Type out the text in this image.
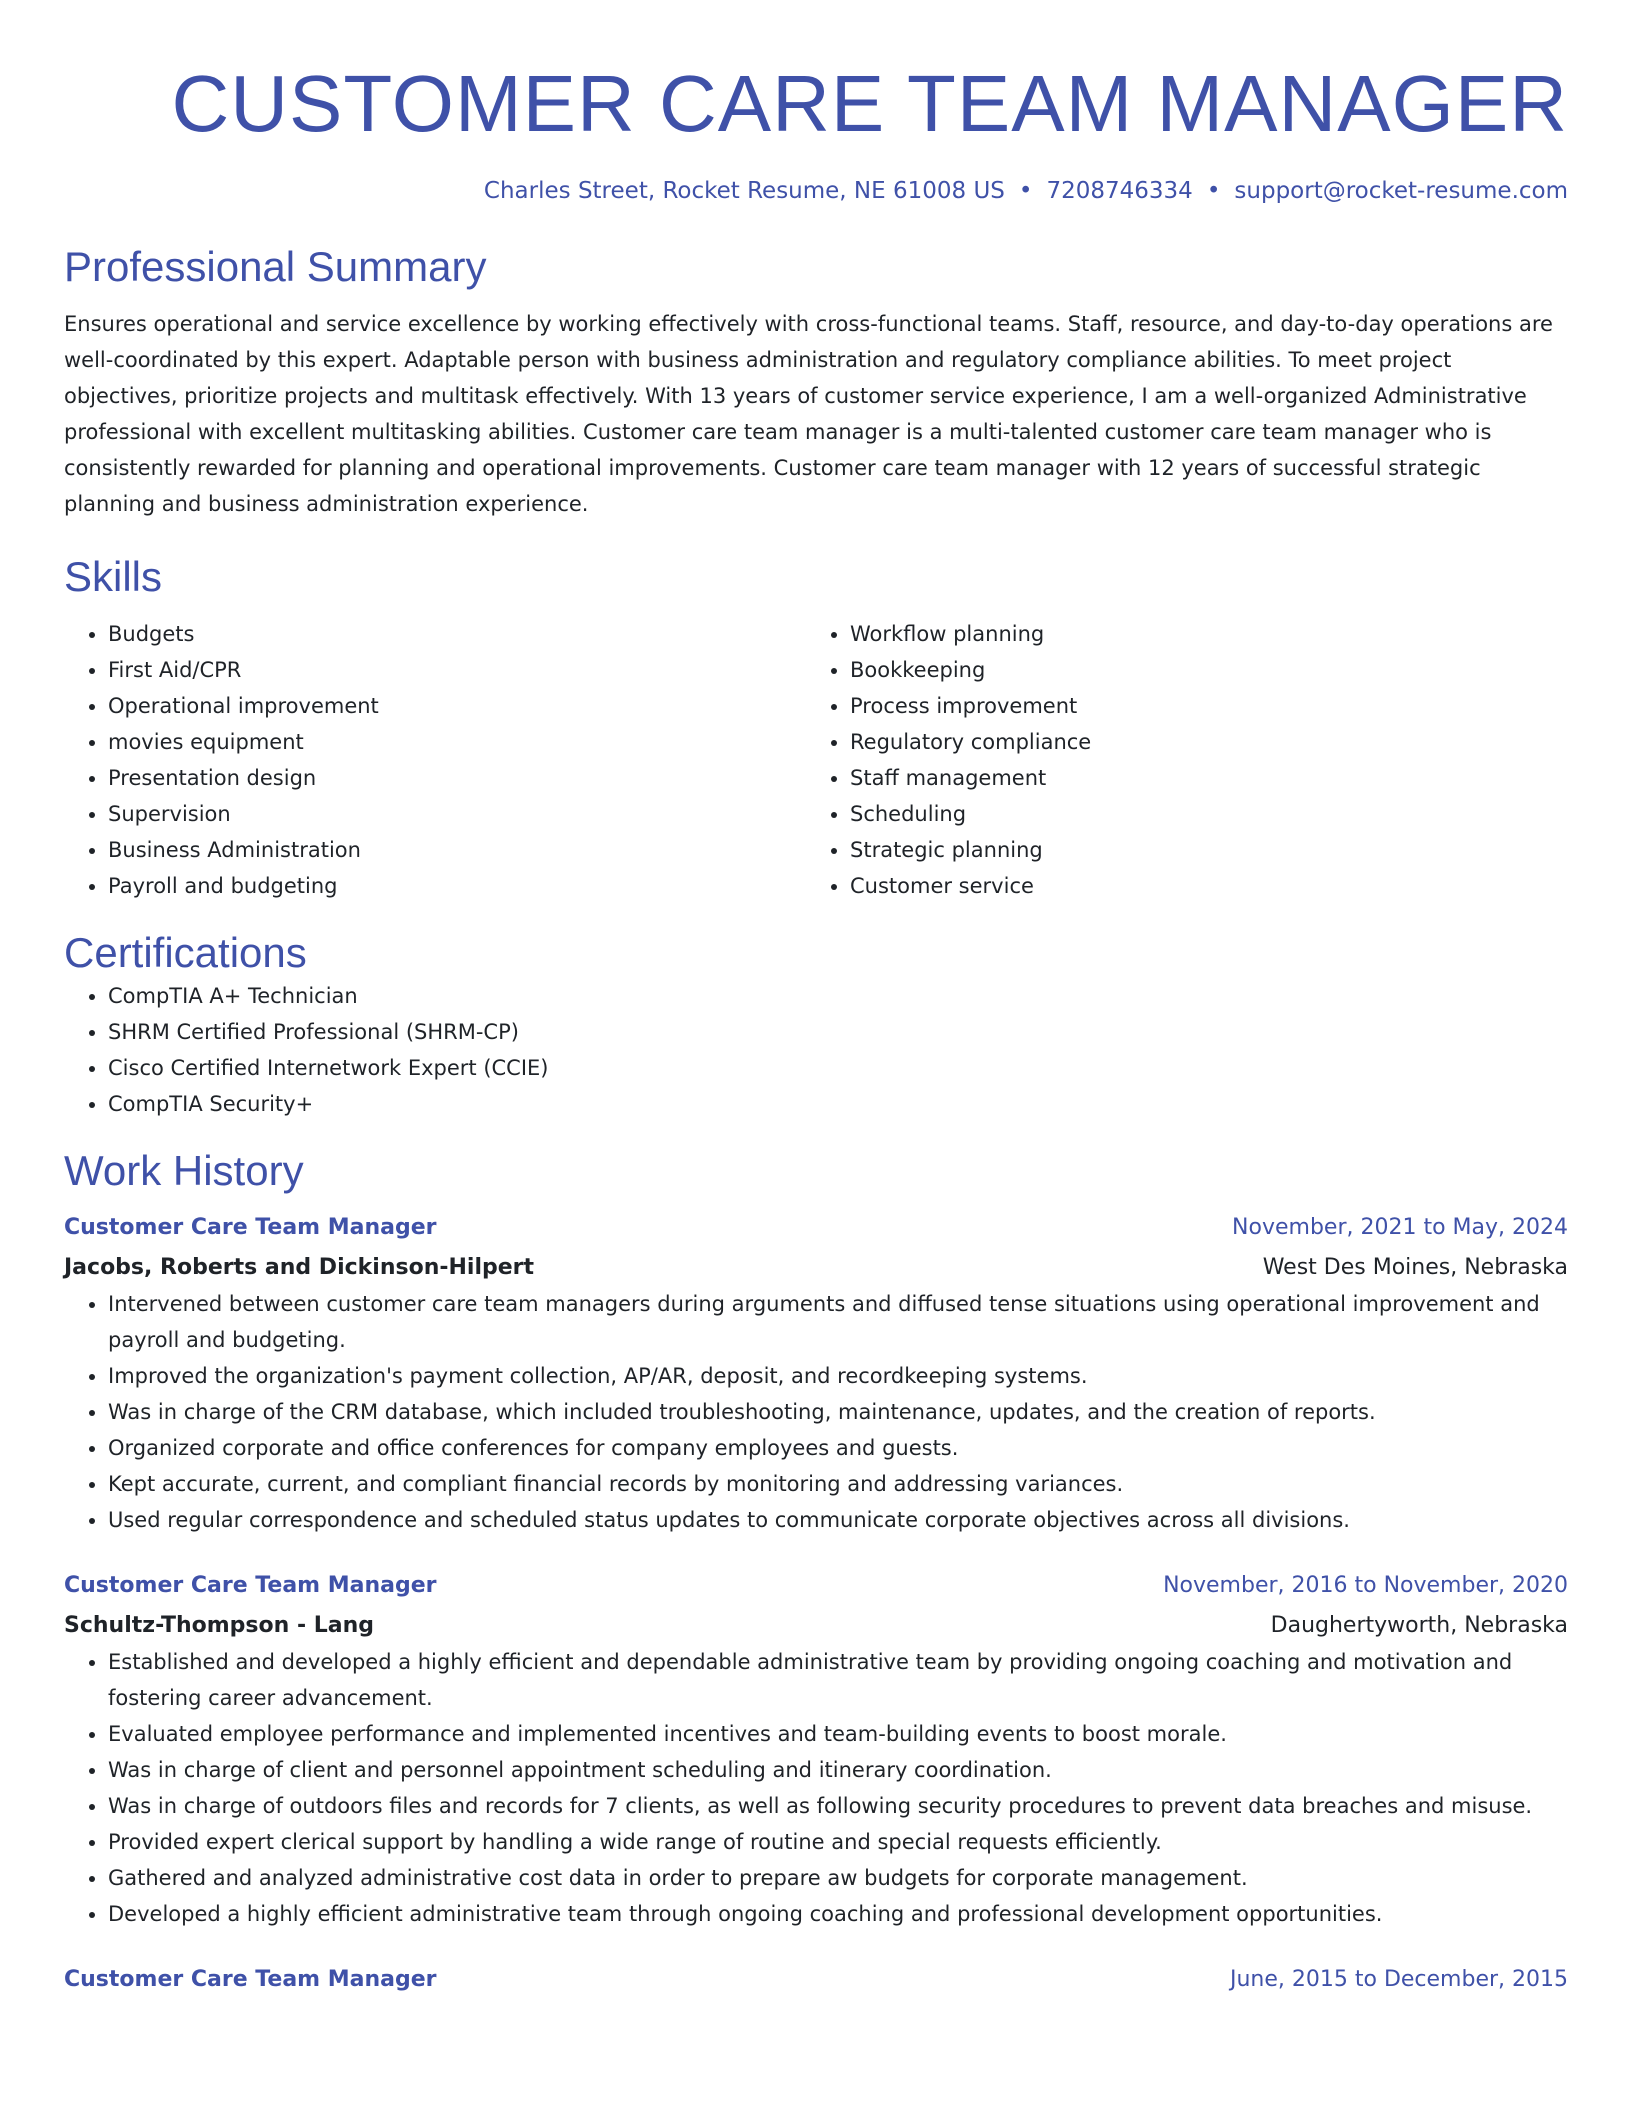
CUSTOMER CARE TEAM MANAGER
Charles Street, Rocket Resume, NE 61008 US • 7208746334 • support@rocket-resume.com
Professional Summary

Ensures operational and service excellence by working effectively with cross-functional teams. Staff, resource, and day-to-day operations are well-coordinated by this expert. Adaptable person with business administration and regulatory compliance abilities. To meet project objectives, prioritize projects and multitask effectively. With 13 years of customer service experience, I am a well-organized Administrative professional with excellent multitasking abilities. Customer care team manager is a multi-talented customer care team manager who is consistently rewarded for planning and operational improvements. Customer care team manager with 12 years of successful strategic planning and business administration experience.

Skills
• Budgets
• First Aid/CPR
• Operational improvement
• movies equipment
• Presentation design
• Supervision
• Business Administration
• Payroll and budgeting
• Workflow planning
• Bookkeeping
• Process improvement
• Regulatory compliance
• Staff management
• Scheduling
• Strategic planning
• Customer service
Certifications
• CompTIA A+ Technician
• SHRM Certified Professional (SHRM-CP)
• Cisco Certified Internetwork Expert (CCIE)
• CompTIA Security+
Work History
Customer Care Team Manager	November, 2021 to May, 2024
Jacobs, Roberts and Dickinson-Hilpert	West Des Moines, Nebraska
• Intervened between customer care team managers during arguments and diffused tense situations using operational improvement and payroll and budgeting.
• Improved the organization's payment collection, AP/AR, deposit, and recordkeeping systems.
• Was in charge of the CRM database, which included troubleshooting, maintenance, updates, and the creation of reports.
• Organized corporate and office conferences for company employees and guests.
• Kept accurate, current, and compliant financial records by monitoring and addressing variances.
• Used regular correspondence and scheduled status updates to communicate corporate objectives across all divisions.
Customer Care Team Manager	November, 2016 to November, 2020
Schultz-Thompson - Lang	Daughertyworth, Nebraska
• Established and developed a highly efficient and dependable administrative team by providing ongoing coaching and motivation and fostering career advancement.
• Evaluated employee performance and implemented incentives and team-building events to boost morale.
• Was in charge of client and personnel appointment scheduling and itinerary coordination.
• Was in charge of outdoors files and records for 7 clients, as well as following security procedures to prevent data breaches and misuse.
• Provided expert clerical support by handling a wide range of routine and special requests efficiently.
• Gathered and analyzed administrative cost data in order to prepare aw budgets for corporate management.
• Developed a highly efficient administrative team through ongoing coaching and professional development opportunities.
Customer Care Team Manager	June, 2015 to December, 2015
